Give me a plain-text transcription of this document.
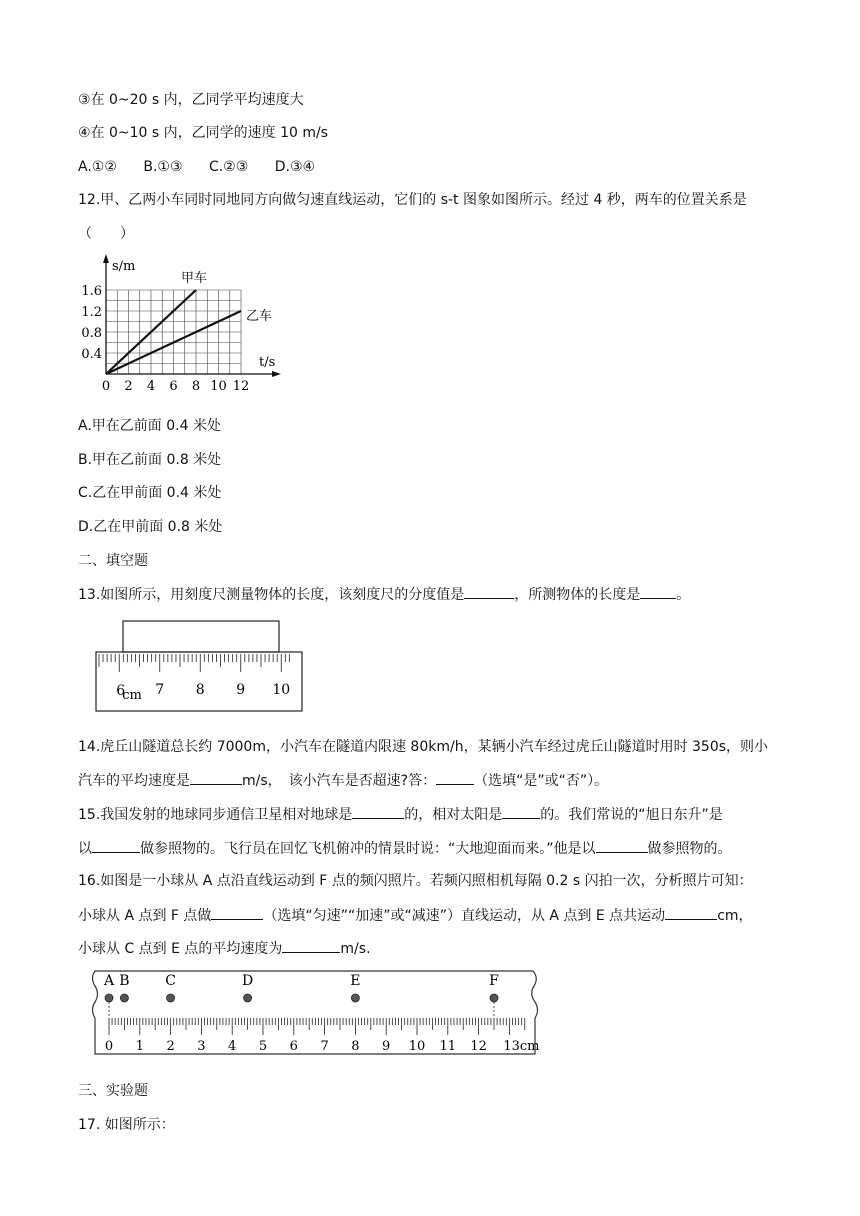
③在 0~20 s 内，乙同学平均速度大
④在 0~10 s 内，乙同学的速度 10 m/s
A.①② B.①③ C.②③ D.③④
12.甲、乙两小车同时同地同方向做匀速直线运动，它们的 s-t 图象如图所示。经过 4 秒，两车的位置关系是
（　　）
0 2 4 6 8 10 12
0.4
0.8
1.2
1.6
s/m
t/s
甲车
乙车
A.甲在乙前面 0.4 米处
B.甲在乙前面 0.8 米处
C.乙在甲前面 0.4 米处
D.乙在甲前面 0.8 米处
二、填空题
13.如图所示，用刻度尺测量物体的长度，该刻度尺的分度值是	，所测物体的长度是	。
6
cm 7 8 9 10
14.虎丘山隧道总长约 7000m，小汽车在隧道内限速 80km/h，某辆小汽车经过虎丘山隧道时用时 350s，则小
汽车的平均速度是	m/s，　该小汽车是否超速?答：	（选填“是”或“否”）。
15.我国发射的地球同步通信卫星相对地球是	的，相对太阳是	的。我们常说的“旭日东升”是
以	做参照物的。飞行员在回忆飞机俯冲的情景时说：“大地迎面而来。”他是以	做参照物的。
16.如图是一小球从 A 点沿直线运动到 F 点的频闪照片。若频闪照相机每隔 0.2 s 闪拍一次，分析照片可知：
小球从 A 点到 F 点做	（选填“匀速”“加速”或“减速”）直线运动，从 A 点到 E 点共运动	cm，
小球从 C 点到 E 点的平均速度为	m/s.
A B	C	D	E	F
0 1 2 3 4 5 6 7 8 9 10 11 12 13cm
三、实验题
17. 如图所示：
